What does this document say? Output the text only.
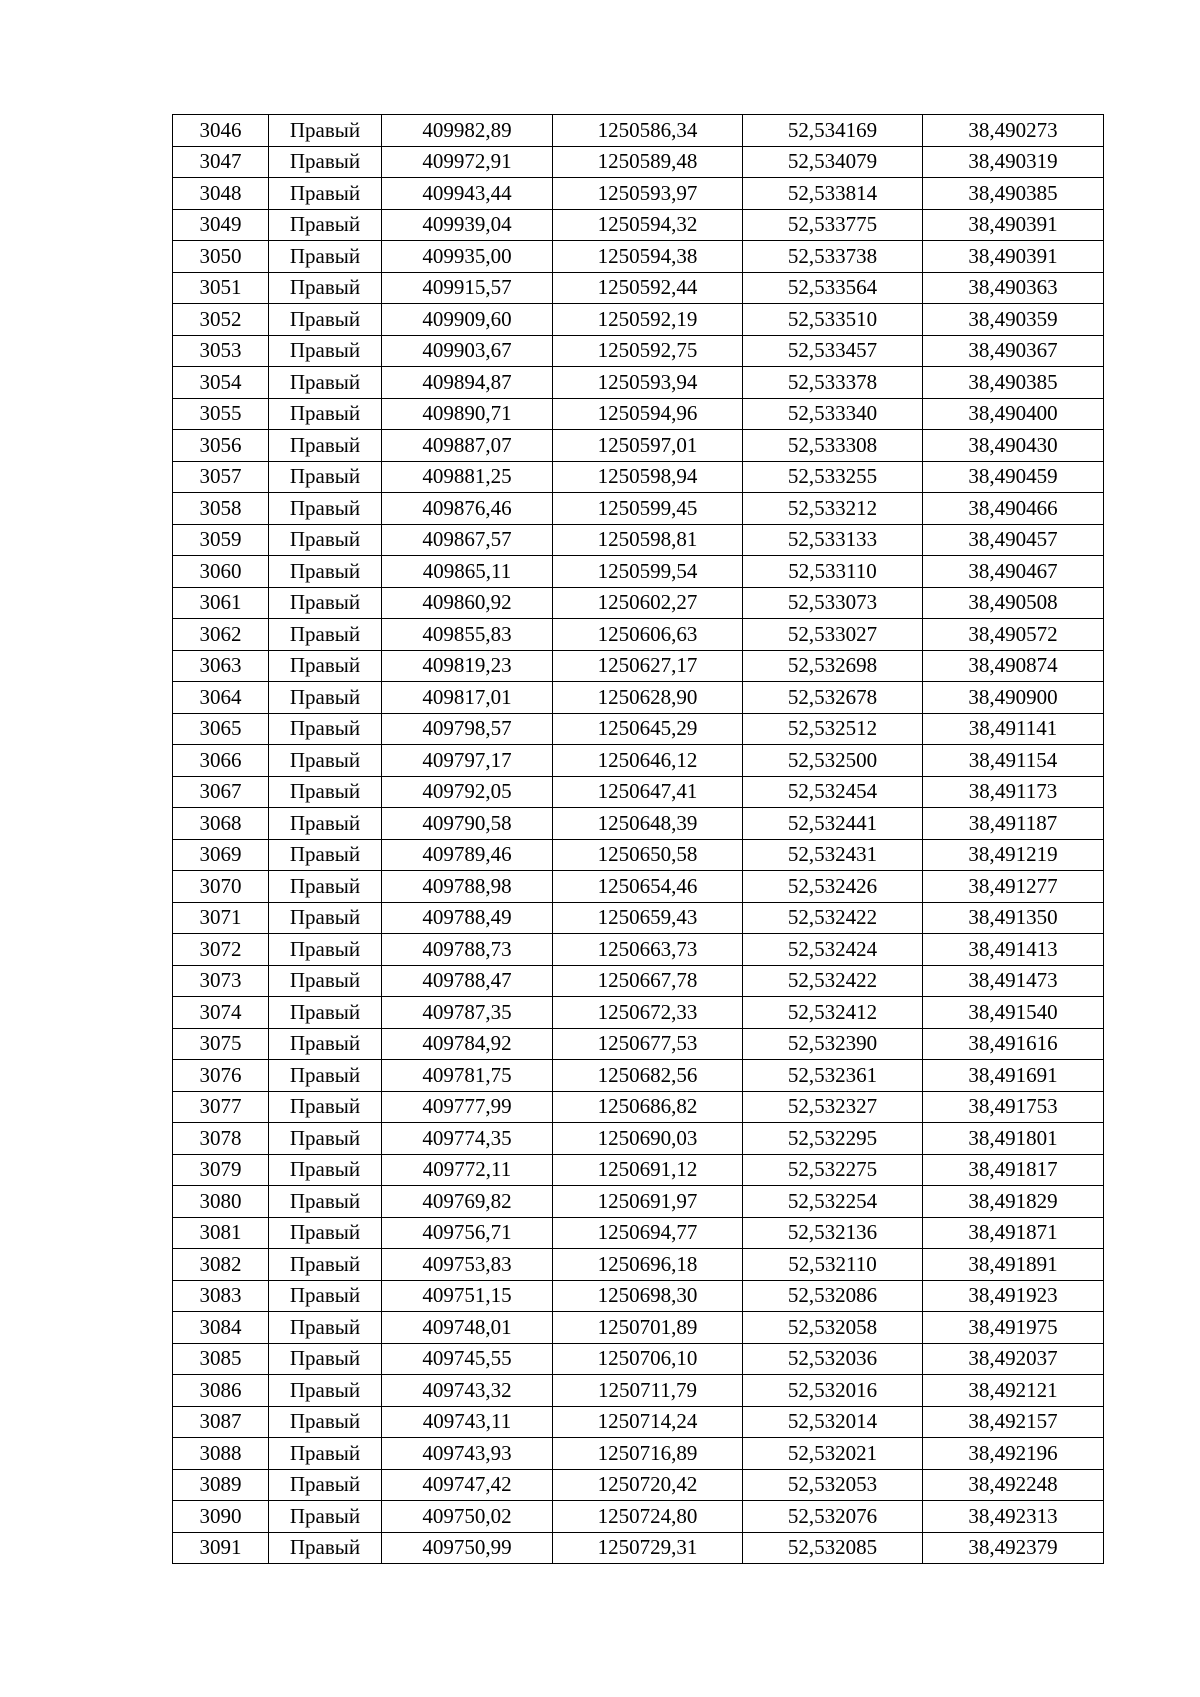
3046	Правый	409982,89	1250586,34	52,534169	38,490273
3047	Правый	409972,91	1250589,48	52,534079	38,490319
3048	Правый	409943,44	1250593,97	52,533814	38,490385
3049	Правый	409939,04	1250594,32	52,533775	38,490391
3050	Правый	409935,00	1250594,38	52,533738	38,490391
3051	Правый	409915,57	1250592,44	52,533564	38,490363
3052	Правый	409909,60	1250592,19	52,533510	38,490359
3053	Правый	409903,67	1250592,75	52,533457	38,490367
3054	Правый	409894,87	1250593,94	52,533378	38,490385
3055	Правый	409890,71	1250594,96	52,533340	38,490400
3056	Правый	409887,07	1250597,01	52,533308	38,490430
3057	Правый	409881,25	1250598,94	52,533255	38,490459
3058	Правый	409876,46	1250599,45	52,533212	38,490466
3059	Правый	409867,57	1250598,81	52,533133	38,490457
3060	Правый	409865,11	1250599,54	52,533110	38,490467
3061	Правый	409860,92	1250602,27	52,533073	38,490508
3062	Правый	409855,83	1250606,63	52,533027	38,490572
3063	Правый	409819,23	1250627,17	52,532698	38,490874
3064	Правый	409817,01	1250628,90	52,532678	38,490900
3065	Правый	409798,57	1250645,29	52,532512	38,491141
3066	Правый	409797,17	1250646,12	52,532500	38,491154
3067	Правый	409792,05	1250647,41	52,532454	38,491173
3068	Правый	409790,58	1250648,39	52,532441	38,491187
3069	Правый	409789,46	1250650,58	52,532431	38,491219
3070	Правый	409788,98	1250654,46	52,532426	38,491277
3071	Правый	409788,49	1250659,43	52,532422	38,491350
3072	Правый	409788,73	1250663,73	52,532424	38,491413
3073	Правый	409788,47	1250667,78	52,532422	38,491473
3074	Правый	409787,35	1250672,33	52,532412	38,491540
3075	Правый	409784,92	1250677,53	52,532390	38,491616
3076	Правый	409781,75	1250682,56	52,532361	38,491691
3077	Правый	409777,99	1250686,82	52,532327	38,491753
3078	Правый	409774,35	1250690,03	52,532295	38,491801
3079	Правый	409772,11	1250691,12	52,532275	38,491817
3080	Правый	409769,82	1250691,97	52,532254	38,491829
3081	Правый	409756,71	1250694,77	52,532136	38,491871
3082	Правый	409753,83	1250696,18	52,532110	38,491891
3083	Правый	409751,15	1250698,30	52,532086	38,491923
3084	Правый	409748,01	1250701,89	52,532058	38,491975
3085	Правый	409745,55	1250706,10	52,532036	38,492037
3086	Правый	409743,32	1250711,79	52,532016	38,492121
3087	Правый	409743,11	1250714,24	52,532014	38,492157
3088	Правый	409743,93	1250716,89	52,532021	38,492196
3089	Правый	409747,42	1250720,42	52,532053	38,492248
3090	Правый	409750,02	1250724,80	52,532076	38,492313
3091	Правый	409750,99	1250729,31	52,532085	38,492379
